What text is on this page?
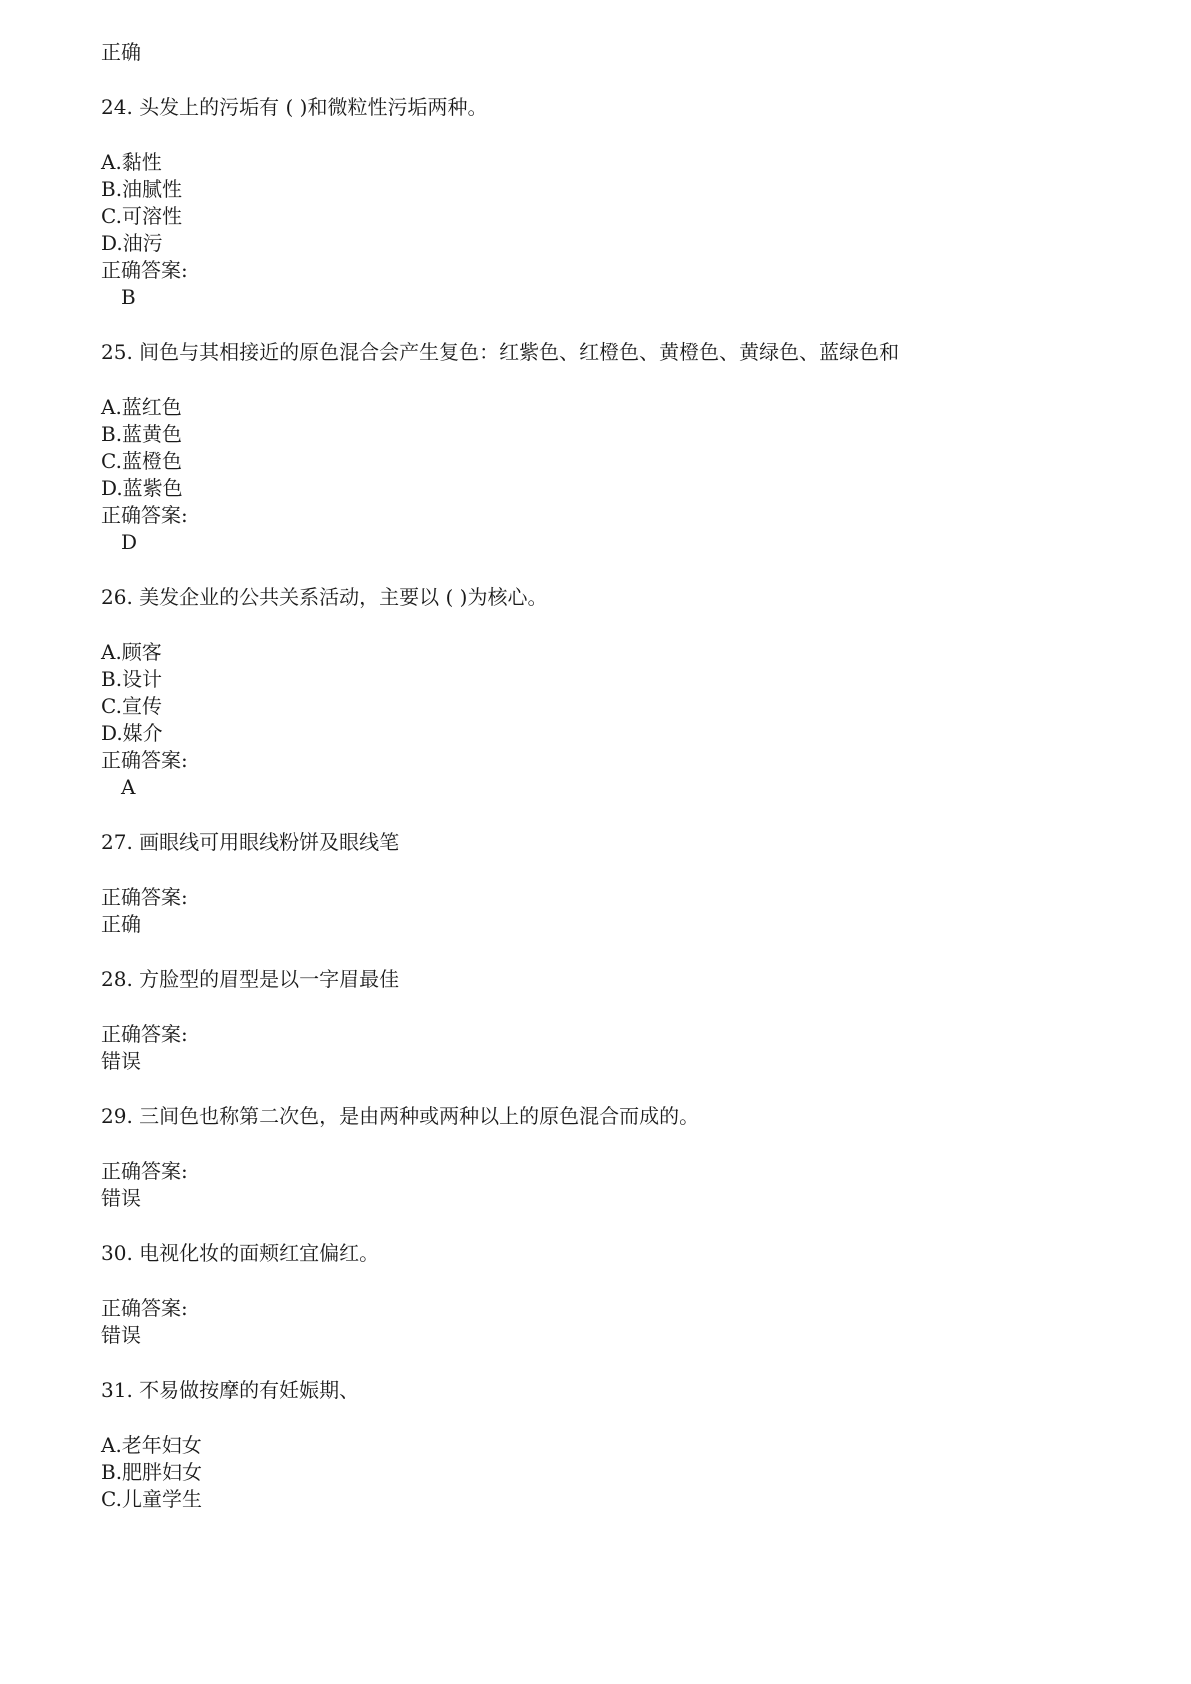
正确
24. 头发上的污垢有 ( )和微粒性污垢两种。
A.黏性
B.油腻性
C.可溶性
D.油污
正确答案:
B
25. 间色与其相接近的原色混合会产生复色：红紫色、红橙色、黄橙色、黄绿色、蓝绿色和
A.蓝红色
B.蓝黄色
C.蓝橙色
D.蓝紫色
正确答案:
D
26. 美发企业的公共关系活动，主要以 ( )为核心。
A.顾客
B.设计
C.宣传
D.媒介
正确答案:
A
27. 画眼线可用眼线粉饼及眼线笔
正确答案:
正确
28. 方脸型的眉型是以一字眉最佳
正确答案:
错误
29. 三间色也称第二次色，是由两种或两种以上的原色混合而成的。
正确答案:
错误
30. 电视化妆的面颊红宜偏红。
正确答案:
错误
31. 不易做按摩的有妊娠期、
A.老年妇女
B.肥胖妇女
C.儿童学生
